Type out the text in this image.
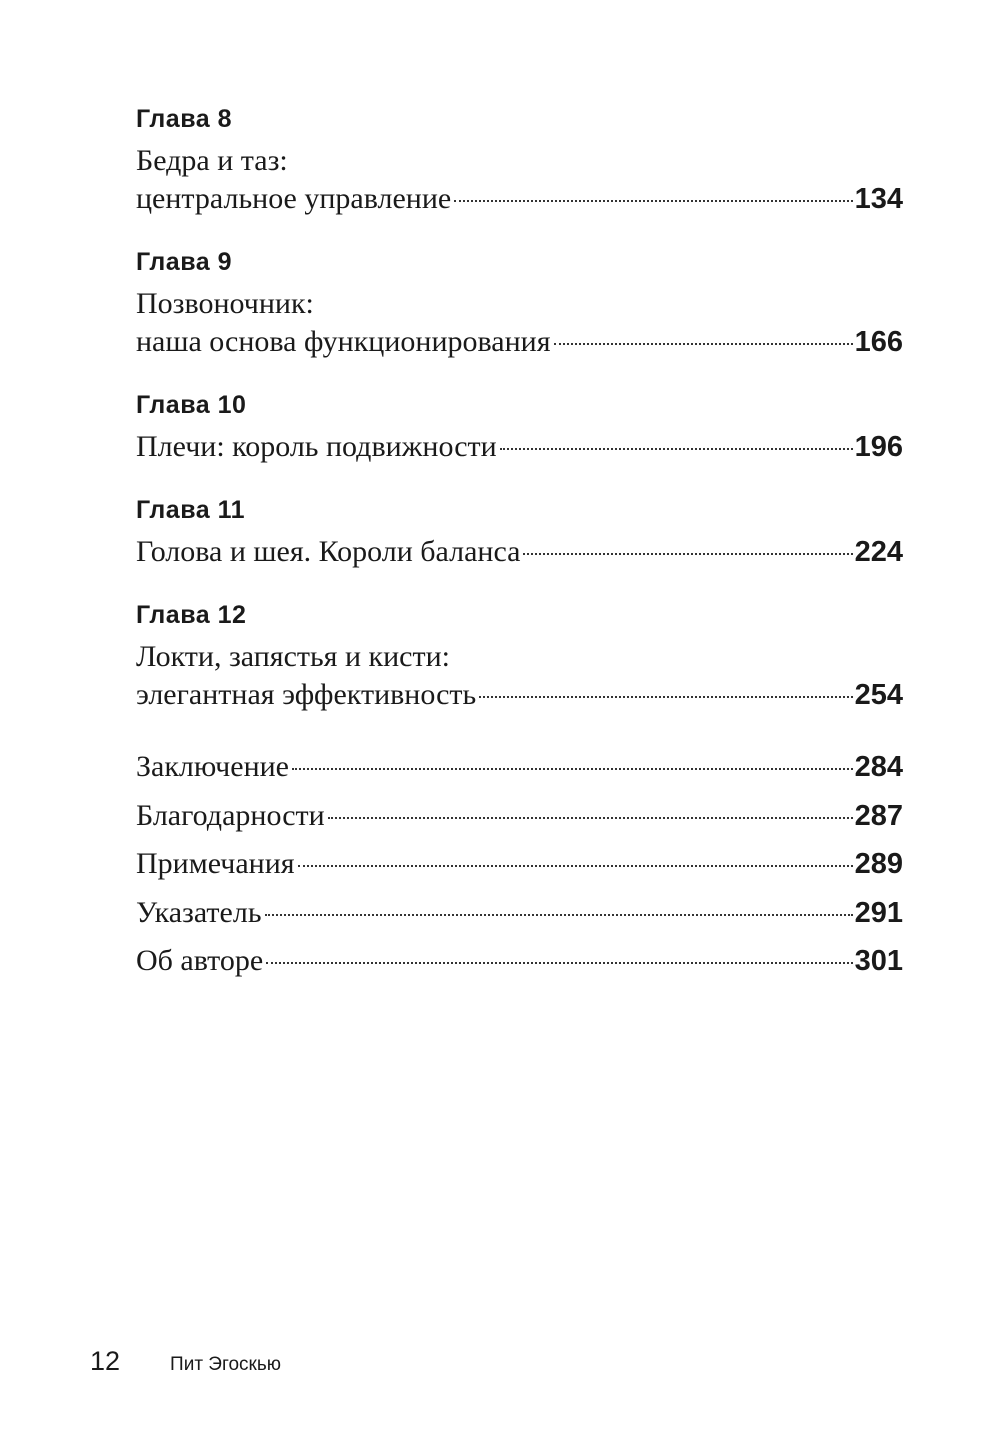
Глава 8
Бедра и таз:
центральное управление	134
Глава 9
Позвоночник:
наша основа функционирования	166
Глава 10
Плечи: король подвижности	196
Глава 11
Голова и шея. Короли баланса	224
Глава 12
Локти, запястья и кисти:
элегантная эффективность	254
Заключение	284
Благодарности	287
Примечания	289
Указатель	291
Об авторе	301
12	Пит Эгоскью
